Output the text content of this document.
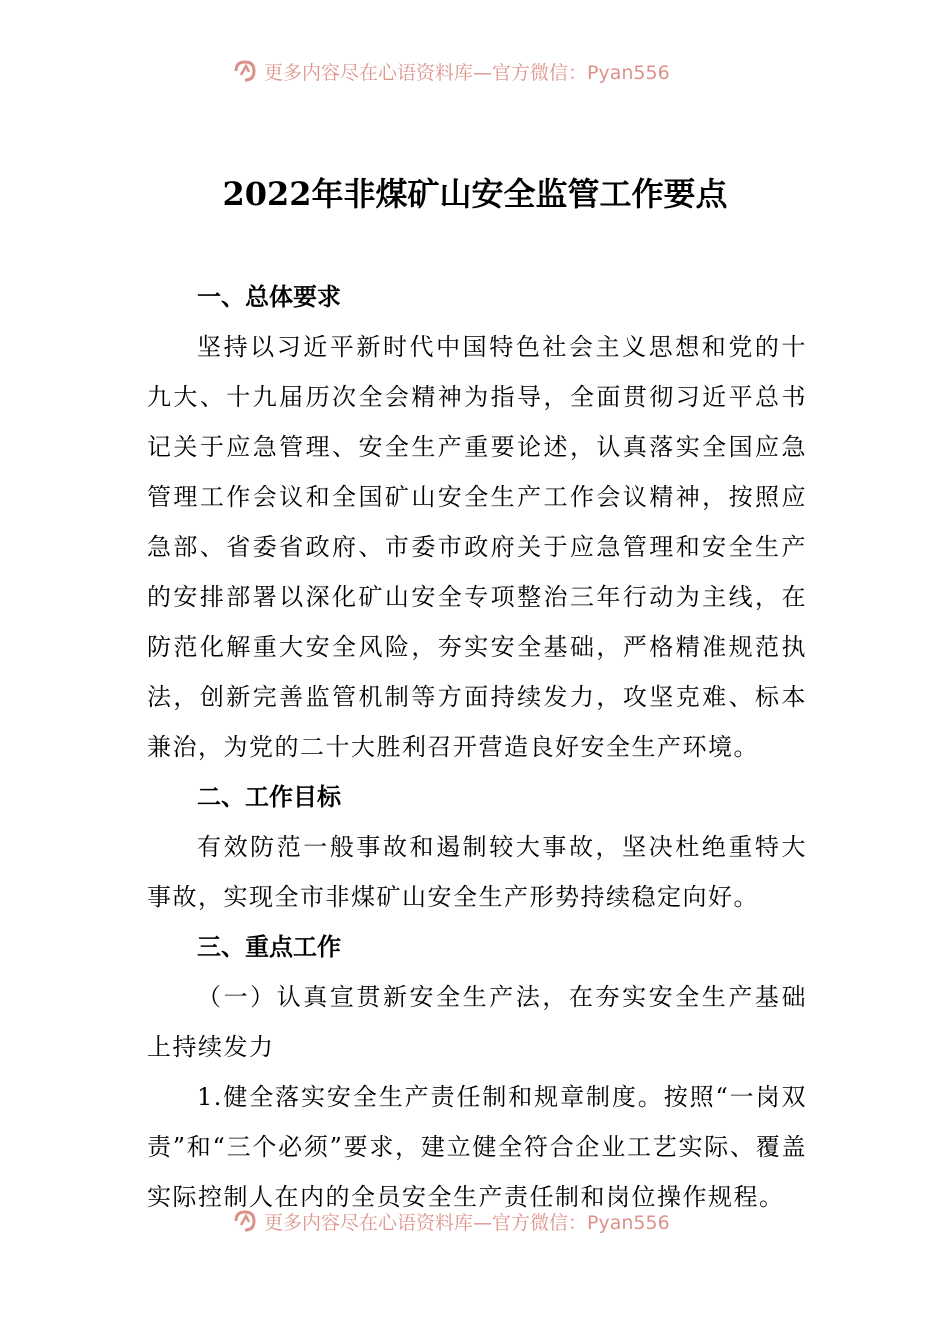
更多内容尽在心语资料库—官方微信：Pyan556
2022年非煤矿山安全监管工作要点

一、总体要求

坚持以习近平新时代中国特色社会主义思想和党的十九大、十九届历次全会精神为指导，全面贯彻习近平总书记关于应急管理、安全生产重要论述，认真落实全国应急管理工作会议和全国矿山安全生产工作会议精神，按照应急部、省委省政府、市委市政府关于应急管理和安全生产的安排部署以深化矿山安全专项整治三年行动为主线，在防范化解重大安全风险，夯实安全基础，严格精准规范执法，创新完善监管机制等方面持续发力，攻坚克难、标本兼治，为党的二十大胜利召开营造良好安全生产环境。

二、工作目标

有效防范一般事故和遏制较大事故，坚决杜绝重特大事故，实现全市非煤矿山安全生产形势持续稳定向好。

三、重点工作

（一）认真宣贯新安全生产法，在夯实安全生产基础上持续发力

1.健全落实安全生产责任制和规章制度。按照“一岗双责”和“三个必须”要求，建立健全符合企业工艺实际、覆盖实际控制人在内的全员安全生产责任制和岗位操作规程。

更多内容尽在心语资料库—官方微信：Pyan556
